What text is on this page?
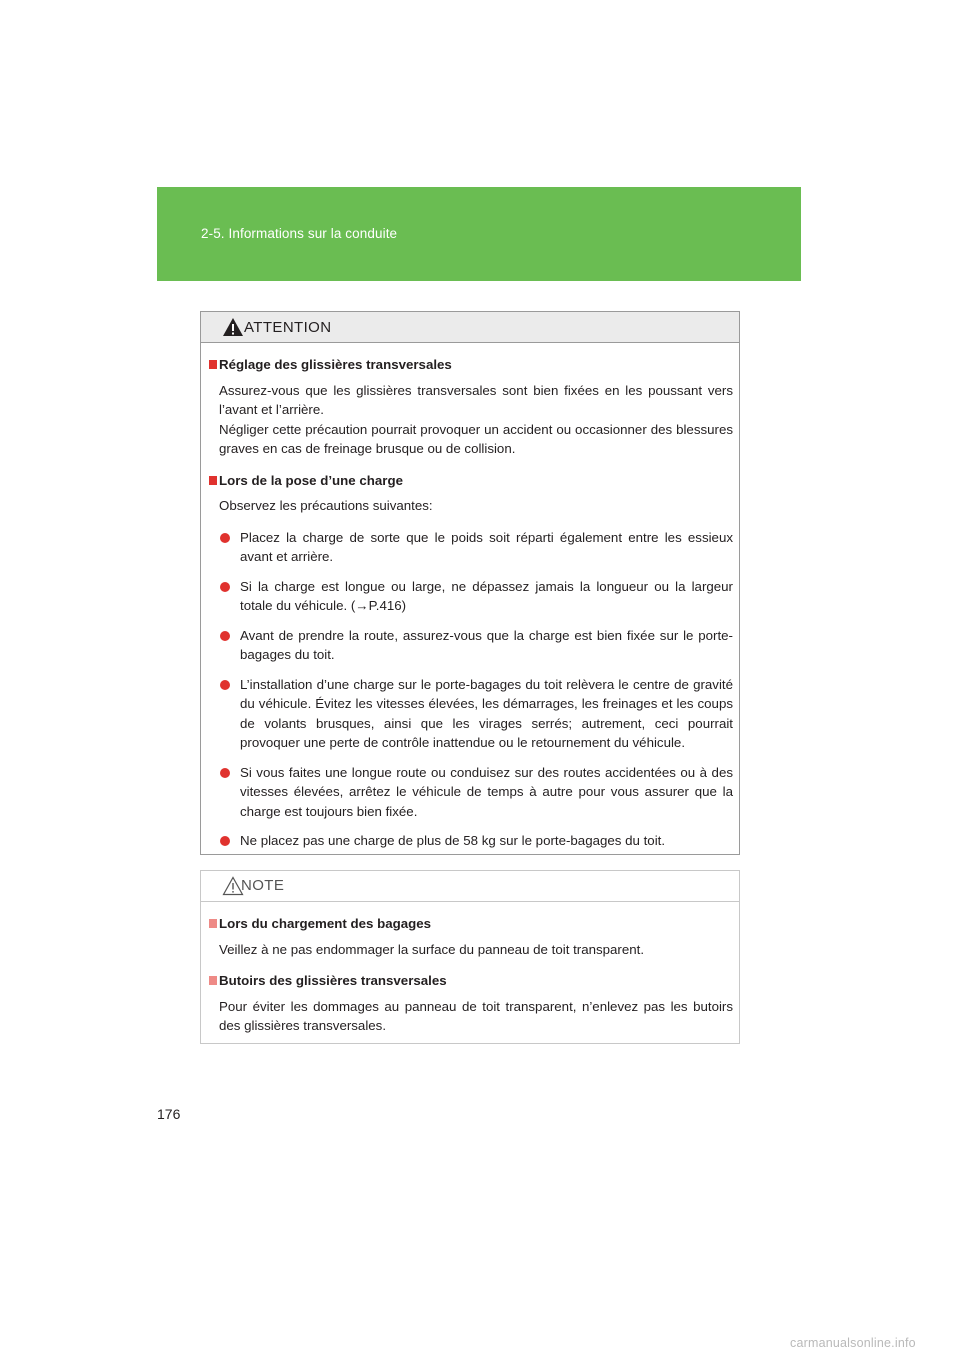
2-5. Informations sur la conduite
ATTENTION
Réglage des glissières transversales
Assurez-vous que les glissières transversales sont bien fixées en les poussant vers l’avant et l’arrière.
Négliger cette précaution pourrait provoquer un accident ou occasionner des blessures graves en cas de freinage brusque ou de collision.
Lors de la pose d’une charge
Observez les précautions suivantes:
Placez la charge de sorte que le poids soit réparti également entre les essieux avant et arrière.
Si la charge est longue ou large, ne dépassez jamais la longueur ou la largeur totale du véhicule. (→P.416)
Avant de prendre la route, assurez-vous que la charge est bien fixée sur le porte-bagages du toit.
L’installation d’une charge sur le porte-bagages du toit relèvera le centre de gravité du véhicule. Évitez les vitesses élevées, les démarrages, les freinages et les coups de volants brusques, ainsi que les virages serrés; autrement, ceci pourrait provoquer une perte de contrôle inattendue ou le retournement du véhicule.
Si vous faites une longue route ou conduisez sur des routes accidentées ou à des vitesses élevées, arrêtez le véhicule de temps à autre pour vous assurer que la charge est toujours bien fixée.
Ne placez pas une charge de plus de 58 kg sur le porte-bagages du toit.
NOTE
Lors du chargement des bagages
Veillez à ne pas endommager la surface du panneau de toit transparent.
Butoirs des glissières transversales
Pour éviter les dommages au panneau de toit transparent, n’enlevez pas les butoirs des glissières transversales.
176
carmanualsonline.info
